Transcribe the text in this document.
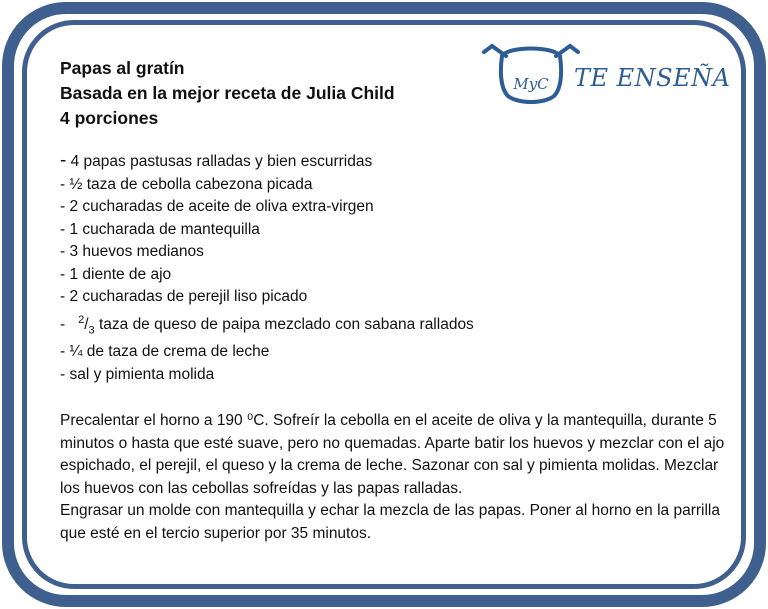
MyC TE ENSEÑA
Papas al gratín
Basada en la mejor receta de Julia Child
4 porciones
- 4 papas pastusas ralladas y bien escurridas
- ½ taza de cebolla cabezona picada
- 2 cucharadas de aceite de oliva extra-virgen
- 1 cucharada de mantequilla
- 3 huevos medianos
- 1 diente de ajo
- 2 cucharadas de perejil liso picado
-   $^2/_3$ taza de queso de paipa mezclado con sabana rallados
- ¼ de taza de crema de leche
- sal y pimienta molida
Precalentar el horno a 190 ⁰C. Sofreír la cebolla en el aceite de oliva y la mantequilla, durante 5 minutos o hasta que esté suave, pero no quemadas. Aparte batir los huevos y mezclar con el ajo espichado, el perejil, el queso y la crema de leche. Sazonar con sal y pimienta molidas. Mezclar los huevos con las cebollas sofreídas y las papas ralladas.
Engrasar un molde con mantequilla y echar la mezcla de las papas. Poner al horno en la parrilla que esté en el tercio superior por 35 minutos.
